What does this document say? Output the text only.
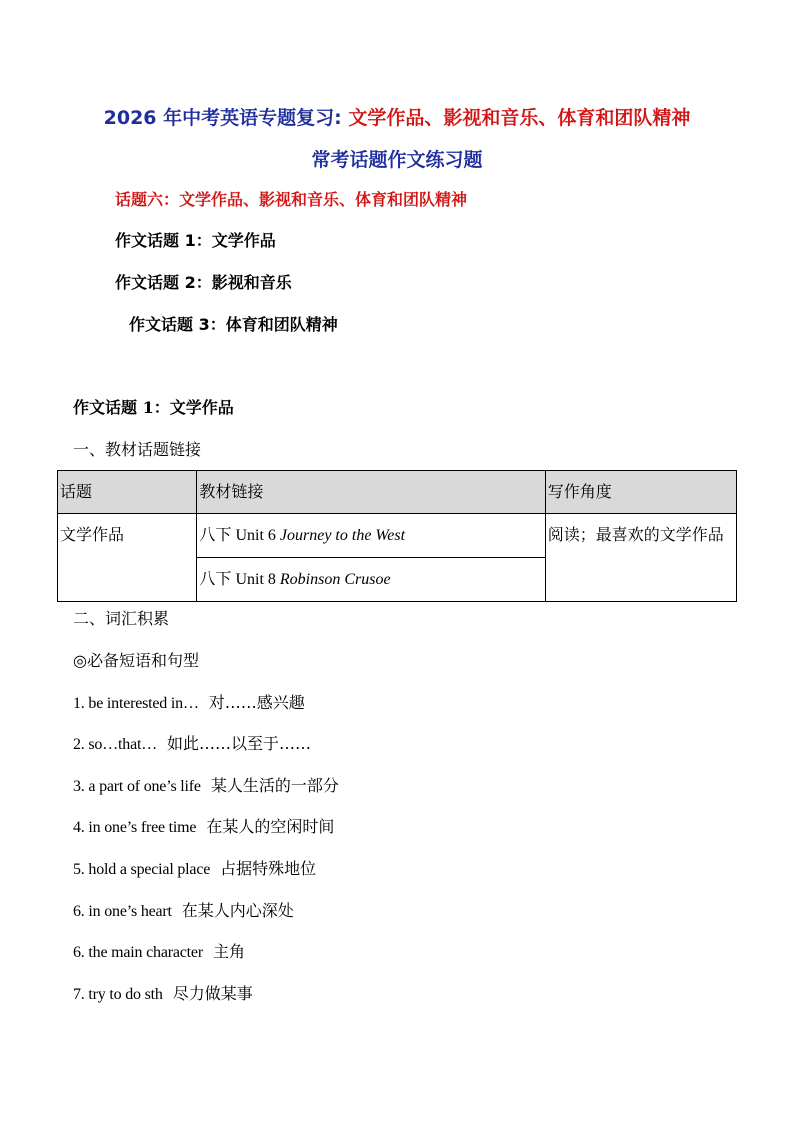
2026 年中考英语专题复习: 文学作品、影视和音乐、体育和团队精神
常考话题作文练习题
话题六：文学作品、影视和音乐、体育和团队精神
作文话题 1：文学作品
作文话题 2：影视和音乐
作文话题 3：体育和团队精神
作文话题 1：文学作品
一、教材话题链接
话题	教材链接	写作角度
文学作品	八下 Unit 6 Journey to the West	阅读；最喜欢的文学作品
	八下 Unit 8 Robinson Crusoe	
二、词汇积累
◎必备短语和句型
1. be interested in… 对……感兴趣
2. so…that… 如此……以至于……
3. a part of one’s life 某人生活的一部分
4. in one’s free time 在某人的空闲时间
5. hold a special place 占据特殊地位
6. in one’s heart 在某人内心深处
6. the main character 主角
7. try to do sth 尽力做某事
